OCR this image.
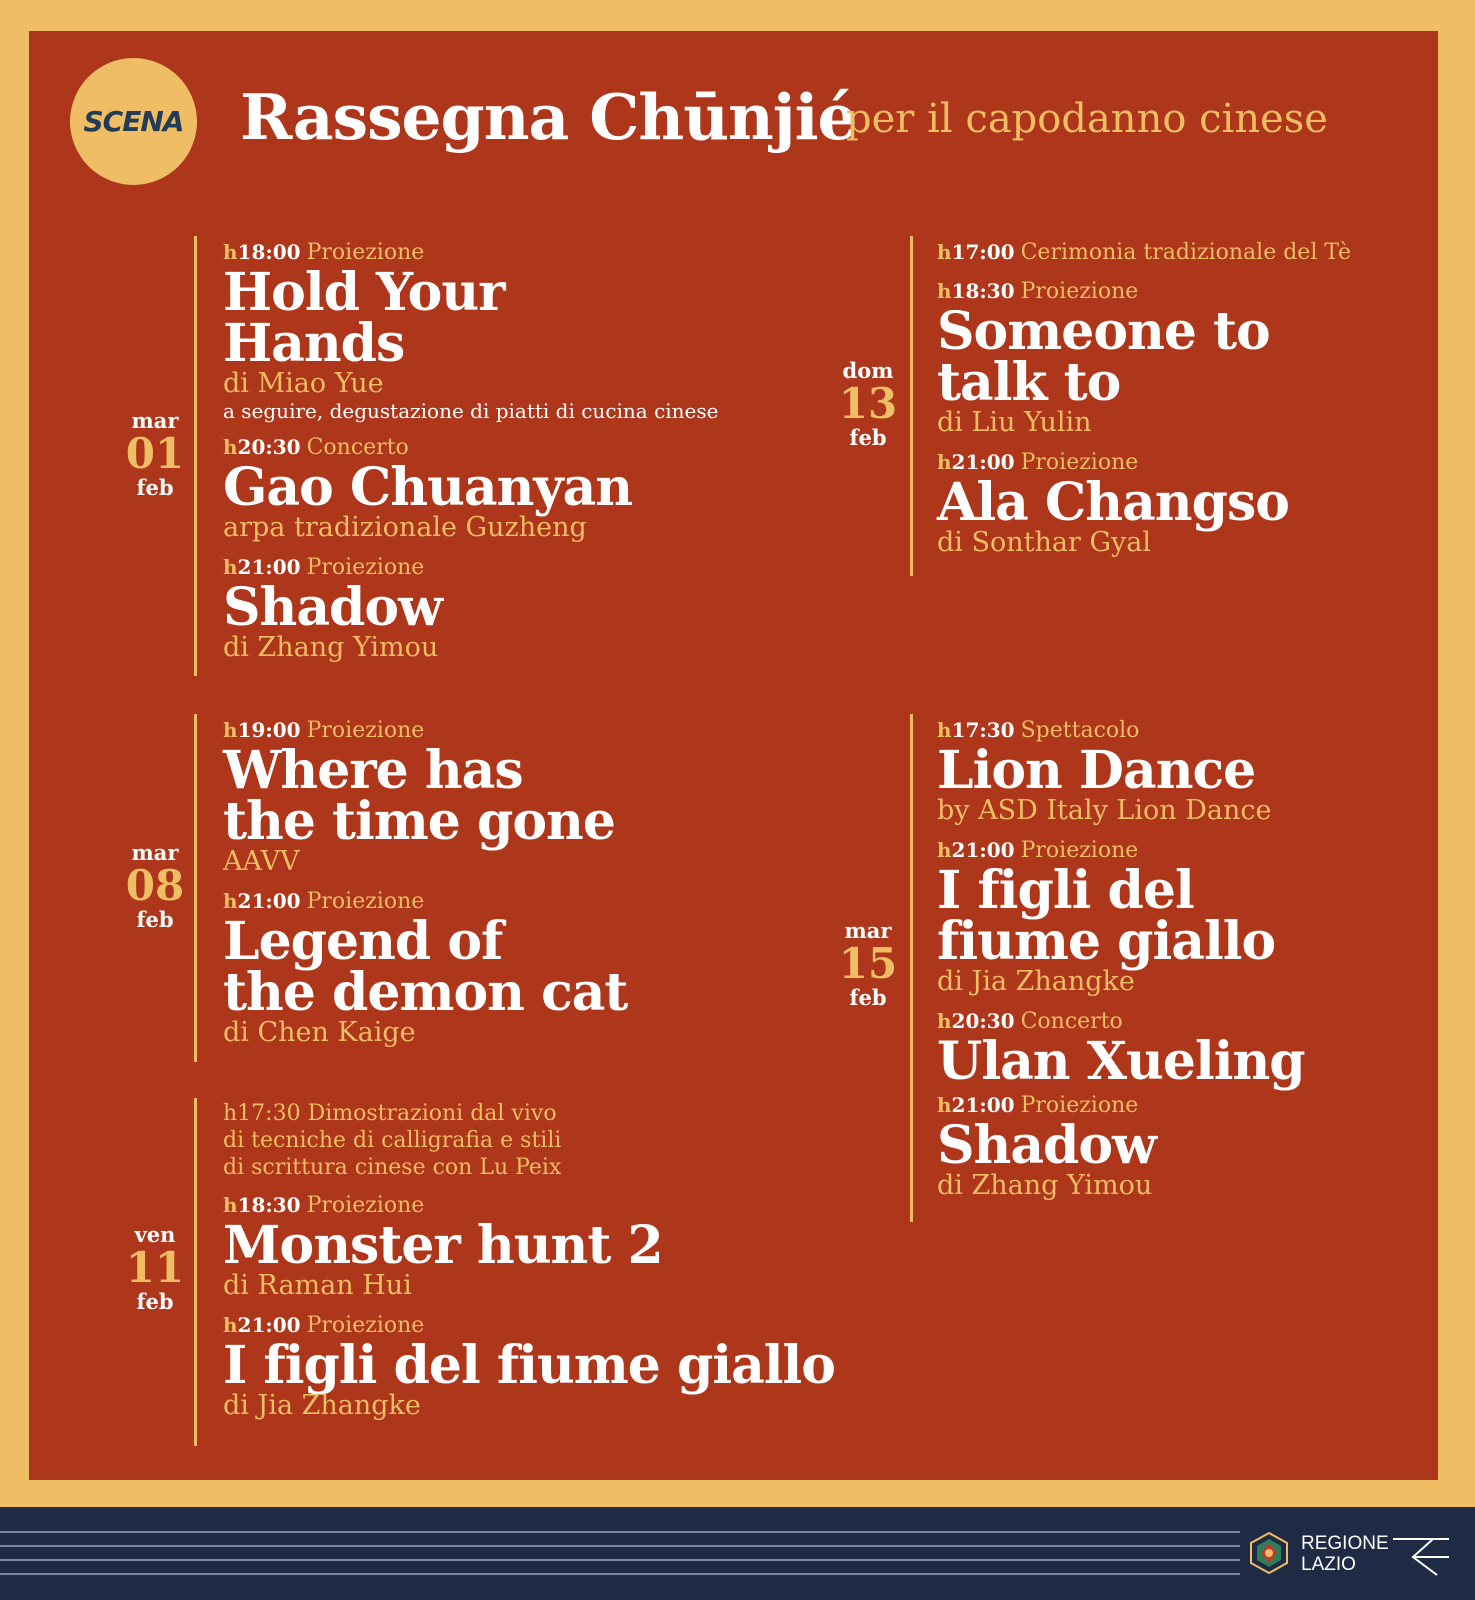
SCENA Rassegna Chūnjié
per il capodanno cinese
mar
01
feb
h18:00 Proiezione
Hold Your
Hands
di Miao Yue
a seguire, degustazione di piatti di cucina cinese
h20:30 Concerto
Gao Chuanyan
arpa tradizionale Guzheng
h21:00 Proiezione
Shadow
di Zhang Yimou
mar
08
feb
h19:00 Proiezione
Where has
the time gone
AAVV
h21:00 Proiezione
Legend of
the demon cat
di Chen Kaige
ven
11
feb
h17:30 Dimostrazioni dal vivo
di tecniche di calligrafia e stili
di scrittura cinese con Lu Peix
h18:30 Proiezione
Monster hunt 2
di Raman Hui
h21:00 Proiezione
I figli del fiume giallo
di Jia Zhangke
dom
13
feb
h17:00 Cerimonia tradizionale del Tè
h18:30 Proiezione
Someone to
talk to
di Liu Yulin
h21:00 Proiezione
Ala Changso
di Sonthar Gyal
mar
15
feb
h17:30 Spettacolo
Lion Dance
by ASD Italy Lion Dance
h21:00 Proiezione
I figli del
fiume giallo
di Jia Zhangke
h20:30 Concerto
Ulan Xueling
h21:00 Proiezione
Shadow
di Zhang Yimou
REGIONE
LAZIO
